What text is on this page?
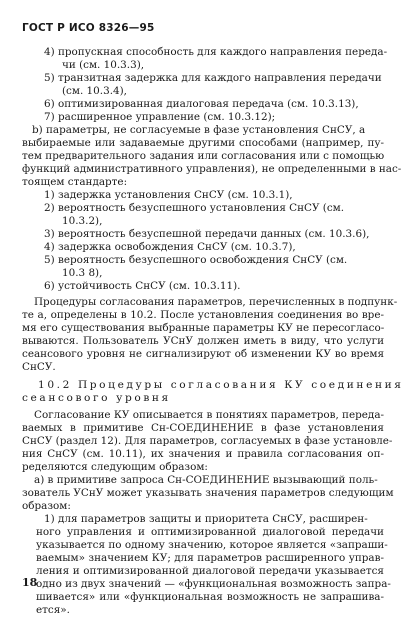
ГОСТ Р ИСО 8326—95
4) пропускная способность для каждого направления переда-
чи (см. 10.3.3),
5) транзитная задержка для каждого направления передачи
(см. 10.3.4),
6) оптимизированная диалоговая передача (см. 10.3.13),
7) расширенное управление (см. 10.3.12);
b) параметры, не согласуемые в фазе установления СнСУ, а
выбираемые или задаваемые другими способами (например, пу-
тем предварительного задания или согласования или с помощью
функций административного управления), не определенными в нас-
тоящем стандарте:
1) задержка установления СнСУ (см. 10.3.1),
2) вероятность безуспешного установления СнСУ (см.
10.3.2),
3) вероятность безуспешной передачи данных (см. 10.3.6),
4) задержка освобождения СнСУ (см. 10.3.7),
5) вероятность безуспешного освобождения СнСУ (см.
10.3 8),
6) устойчивость СнСУ (см. 10.3.11).
Процедуры согласования параметров, перечисленных в подпунк-
те а, определены в 10.2. После установления соединения во вре-
мя его существования выбранные параметры КУ не пересогласо-
вываются. Пользователь УСнУ должен иметь в виду, что услуги
сеансового уровня не сигнализируют об изменении КУ во время
СнСУ.
10.2 Процедуры согласования КУ соединения
сеансового уровня
Согласование КУ описывается в понятиях параметров, переда-
ваемых в примитиве Сн-СОЕДИНЕНИЕ в фазе установления
СнСУ (раздел 12). Для параметров, согласуемых в фазе установле-
ния СнСУ (см. 10.11), их значения и правила согласования оп-
ределяются следующим образом:
а) в примитиве запроса Сн-СОЕДИНЕНИЕ вызывающий поль-
зователь УСнУ может указывать значения параметров следующим
образом:
1) для параметров защиты и приоритета СнСУ, расширен-
ного управления и оптимизированной диалоговой передачи
указывается по одному значению, которое является «запраши-
ваемым» значением КУ; для параметров расширенного управ-
ления и оптимизированной диалоговой передачи указывается
одно из двух значений — «функциональная возможность запра-
шивается» или «функциональная возможность не запрашива-
ется».
18
